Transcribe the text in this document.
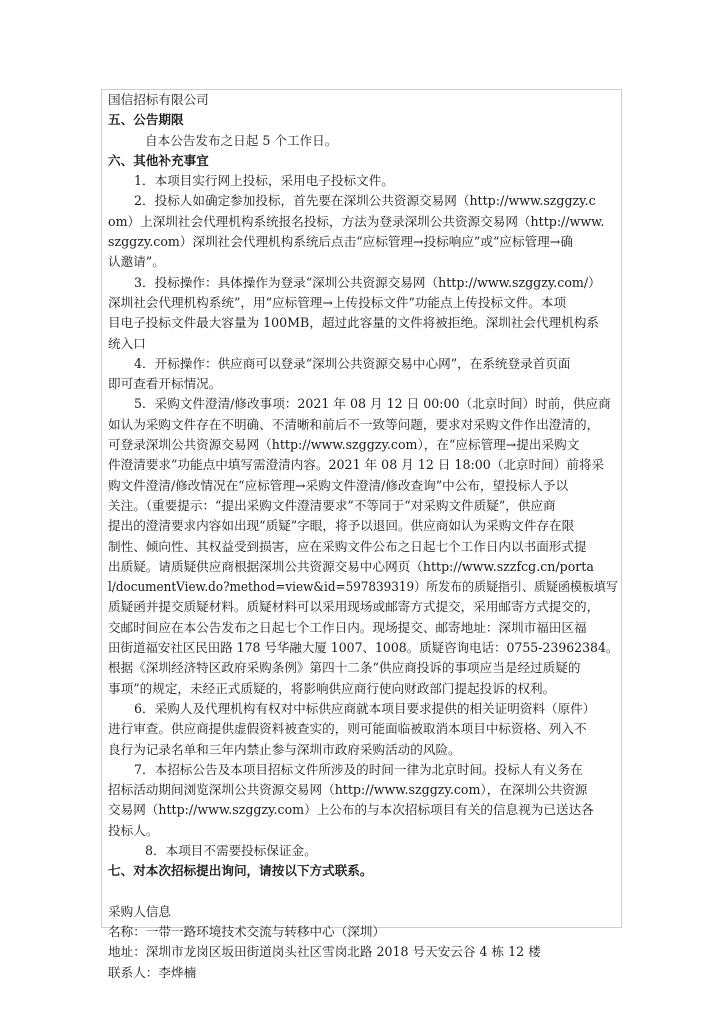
国信招标有限公司

五、公告期限

自本公告发布之日起 5 个工作日。

六、其他补充事宜

1．本项目实行网上投标，采用电子投标文件。

2．投标人如确定参加投标，首先要在深圳公共资源交易网（http://www.szggzy.c

om）上深圳社会代理机构系统报名投标，方法为登录深圳公共资源交易网（http://www.

szggzy.com）深圳社会代理机构系统后点击“应标管理→投标响应”或“应标管理→确

认邀请”。

3．投标操作：具体操作为登录“深圳公共资源交易网（http://www.szggzy.com/）

深圳社会代理机构系统”，用“应标管理→上传投标文件”功能点上传投标文件。本项

目电子投标文件最大容量为 100MB，超过此容量的文件将被拒绝。深圳社会代理机构系

统入口

4．开标操作：供应商可以登录“深圳公共资源交易中心网”，在系统登录首页面

即可查看开标情况。

5．采购文件澄清/修改事项：2021 年 08 月 12 日 00:00（北京时间）时前，供应商

如认为采购文件存在不明确、不清晰和前后不一致等问题，要求对采购文件作出澄清的，

可登录深圳公共资源交易网（http://www.szggzy.com），在“应标管理→提出采购文

件澄清要求”功能点中填写需澄清内容。2021 年 08 月 12 日 18:00（北京时间）前将采

购文件澄清/修改情况在“应标管理→采购文件澄清/修改查询”中公布，望投标人予以

关注。（重要提示：“提出采购文件澄清要求”不等同于“对采购文件质疑”，供应商

提出的澄清要求内容如出现“质疑”字眼，将予以退回。供应商如认为采购文件存在限

制性、倾向性、其权益受到损害，应在采购文件公布之日起七个工作日内以书面形式提

出质疑。请质疑供应商根据深圳公共资源交易中心网页（http://www.szzfcg.cn/porta

l/documentView.do?method=view&id=597839319）所发布的质疑指引、质疑函模板填写

质疑函并提交质疑材料。质疑材料可以采用现场或邮寄方式提交，采用邮寄方式提交的，

交邮时间应在本公告发布之日起七个工作日内。现场提交、邮寄地址：深圳市福田区福

田街道福安社区民田路 178 号华融大厦 1007、1008。质疑咨询电话：0755-23962384。

根据《深圳经济特区政府采购条例》第四十二条“供应商投诉的事项应当是经过质疑的

事项”的规定，未经正式质疑的，将影响供应商行使向财政部门提起投诉的权利。

6．采购人及代理机构有权对中标供应商就本项目要求提供的相关证明资料（原件）

进行审查。供应商提供虚假资料被查实的，则可能面临被取消本项目中标资格、列入不

良行为记录名单和三年内禁止参与深圳市政府采购活动的风险。

7．本招标公告及本项目招标文件所涉及的时间一律为北京时间。投标人有义务在

招标活动期间浏览深圳公共资源交易网（http://www.szggzy.com），在深圳公共资源

交易网（http://www.szggzy.com）上公布的与本次招标项目有关的信息视为已送达各

投标人。

8．本项目不需要投标保证金。

七、对本次招标提出询问，请按以下方式联系。

采购人信息

名称：一带一路环境技术交流与转移中心（深圳）

地址：深圳市龙岗区坂田街道岗头社区雪岗北路 2018 号天安云谷 4 栋 12 楼

联系人：李烨楠
